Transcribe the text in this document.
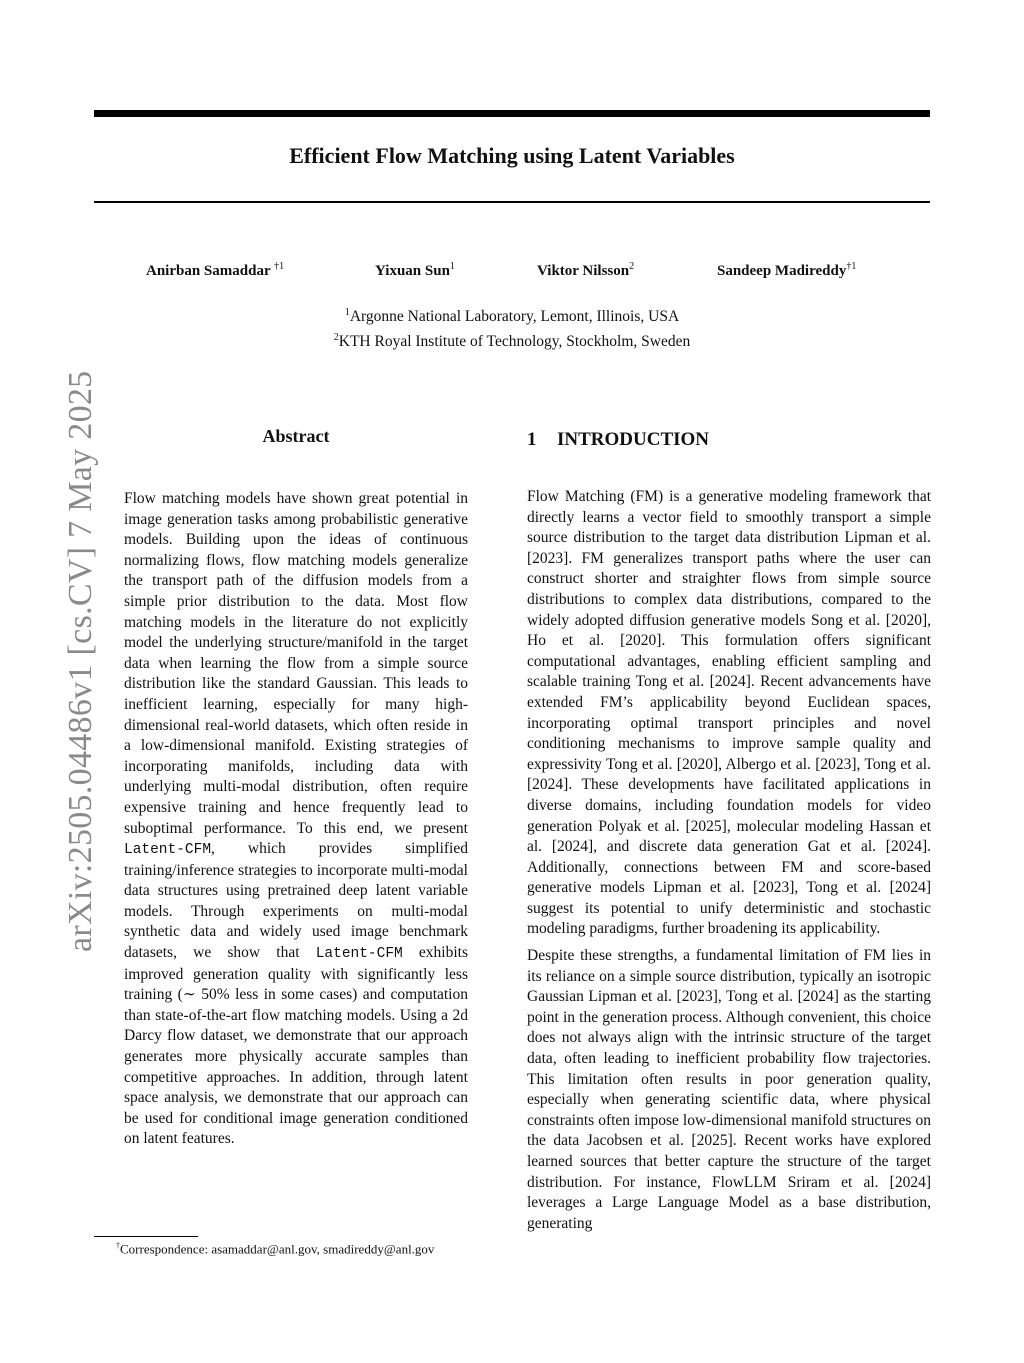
arXiv:2505.04486v1 [cs.CV] 7 May 2025
Efficient Flow Matching using Latent Variables
Anirban Samaddar $^{\dagger 1}$	Yixuan Sun$^1$	Viktor Nilsson$^2$	Sandeep Madireddy$^{\dagger 1}$
$^1$Argonne National Laboratory, Lemont, Illinois, USA
$^2$KTH Royal Institute of Technology, Stockholm, Sweden
Abstract
Flow matching models have shown great potential in image generation tasks among probabilistic generative models. Building upon the ideas of continuous normalizing flows, flow matching models generalize the transport path of the diffusion models from a simple prior distribution to the data. Most flow matching models in the literature do not explicitly model the underlying structure/manifold in the target data when learning the flow from a simple source distribution like the standard Gaussian. This leads to inefficient learning, especially for many high-dimensional real-world datasets, which often reside in a low-dimensional manifold. Existing strategies of incorporating manifolds, including data with underlying multi-modal distribution, often require expensive training and hence frequently lead to suboptimal performance. To this end, we present Latent-CFM, which provides simplified training/inference strategies to incorporate multi-modal data structures using pretrained deep latent variable models. Through experiments on multi-modal synthetic data and widely used image benchmark datasets, we show that Latent-CFM exhibits improved generation quality with significantly less training (∼ 50% less in some cases) and computation than state-of-the-art flow matching models. Using a 2d Darcy flow dataset, we demonstrate that our approach generates more physically accurate samples than competitive approaches. In addition, through latent space analysis, we demonstrate that our approach can be used for conditional image generation conditioned on latent features.
1 INTRODUCTION

Flow Matching (FM) is a generative modeling framework that directly learns a vector field to smoothly transport a simple source distribution to the target data distribution Lipman et al. [2023]. FM generalizes transport paths where the user can construct shorter and straighter flows from simple source distributions to complex data distributions, compared to the widely adopted diffusion generative models Song et al. [2020], Ho et al. [2020]. This formulation offers significant computational advantages, enabling efficient sampling and scalable training Tong et al. [2024]. Recent advancements have extended FM’s applicability beyond Euclidean spaces, incorporating optimal transport principles and novel conditioning mechanisms to improve sample quality and expressivity Tong et al. [2020], Albergo et al. [2023], Tong et al. [2024]. These developments have facilitated applications in diverse domains, including foundation models for video generation Polyak et al. [2025], molecular modeling Hassan et al. [2024], and discrete data generation Gat et al. [2024]. Additionally, connections between FM and score-based generative models Lipman et al. [2023], Tong et al. [2024] suggest its potential to unify deterministic and stochastic modeling paradigms, further broadening its applicability.

Despite these strengths, a fundamental limitation of FM lies in its reliance on a simple source distribution, typically an isotropic Gaussian Lipman et al. [2023], Tong et al. [2024] as the starting point in the generation process. Although convenient, this choice does not always align with the intrinsic structure of the target data, often leading to inefficient probability flow trajectories. This limitation often results in poor generation quality, especially when generating scientific data, where physical constraints often impose low-dimensional manifold structures on the data Jacobsen et al. [2025]. Recent works have explored learned sources that better capture the structure of the target distribution. For instance, FlowLLM Sriram et al. [2024] leverages a Large Language Model as a base distribution, generating

†Correspondence: asamaddar@anl.gov, smadireddy@anl.gov
